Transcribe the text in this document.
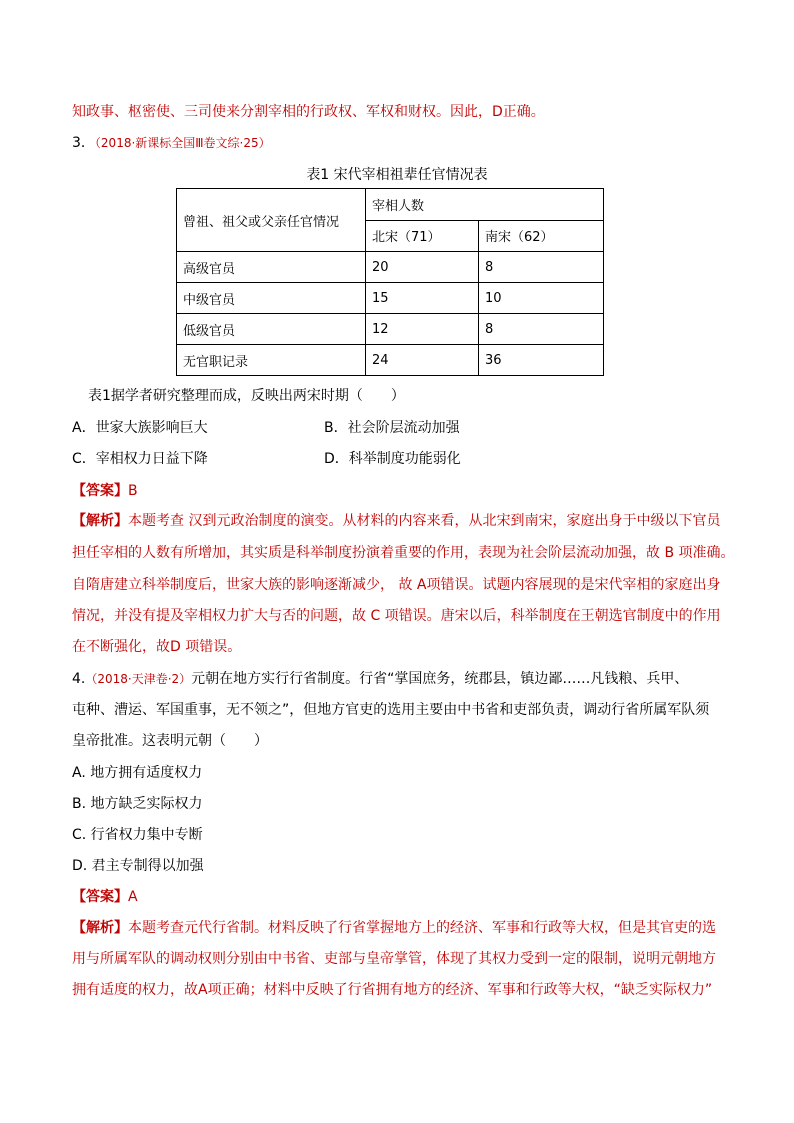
知政事、枢密使、三司使来分割宰相的行政权、军权和财权。因此，D正确。
3．（2018·新课标全国Ⅲ卷文综·25）
表1 宋代宰相祖辈任官情况表
曾祖、祖父或父亲任官情况	宰相人数	
	北宋（71）	南宋（62）
高级官员	20	8
中级官员	15	10
低级官员	12	8
无官职记录	24	36
表1据学者研究整理而成，反映出两宋时期（　　）
A．世家大族影响巨大	B．社会阶层流动加强
C．宰相权力日益下降	D．科举制度功能弱化
【答案】B
【解析】本题考查 汉到元政治制度的演变。从材料的内容来看，从北宋到南宋，家庭出身于中级以下官员
担任宰相的人数有所增加，其实质是科举制度扮演着重要的作用，表现为社会阶层流动加强，故 B 项准确。
自隋唐建立科举制度后，世家大族的影响逐渐减少， 故 A项错误。试题内容展现的是宋代宰相的家庭出身
情况，并没有提及宰相权力扩大与否的问题，故 C 项错误。唐宋以后，科举制度在王朝选官制度中的作用
在不断强化，故D 项错误。
4.（2018·天津卷·2）元朝在地方实行行省制度。行省“掌国庶务，统郡县，镇边鄙……凡钱粮、兵甲、
屯种、漕运、军国重事，无不领之”，但地方官吏的选用主要由中书省和吏部负责，调动行省所属军队须
皇帝批准。这表明元朝（　　）
A. 地方拥有适度权力
B. 地方缺乏实际权力
C. 行省权力集中专断
D. 君主专制得以加强
【答案】A
【解析】本题考查元代行省制。材料反映了行省掌握地方上的经济、军事和行政等大权，但是其官吏的选
用与所属军队的调动权则分别由中书省、吏部与皇帝掌管，体现了其权力受到一定的限制，说明元朝地方
拥有适度的权力，故A项正确；材料中反映了行省拥有地方的经济、军事和行政等大权，“缺乏实际权力”
